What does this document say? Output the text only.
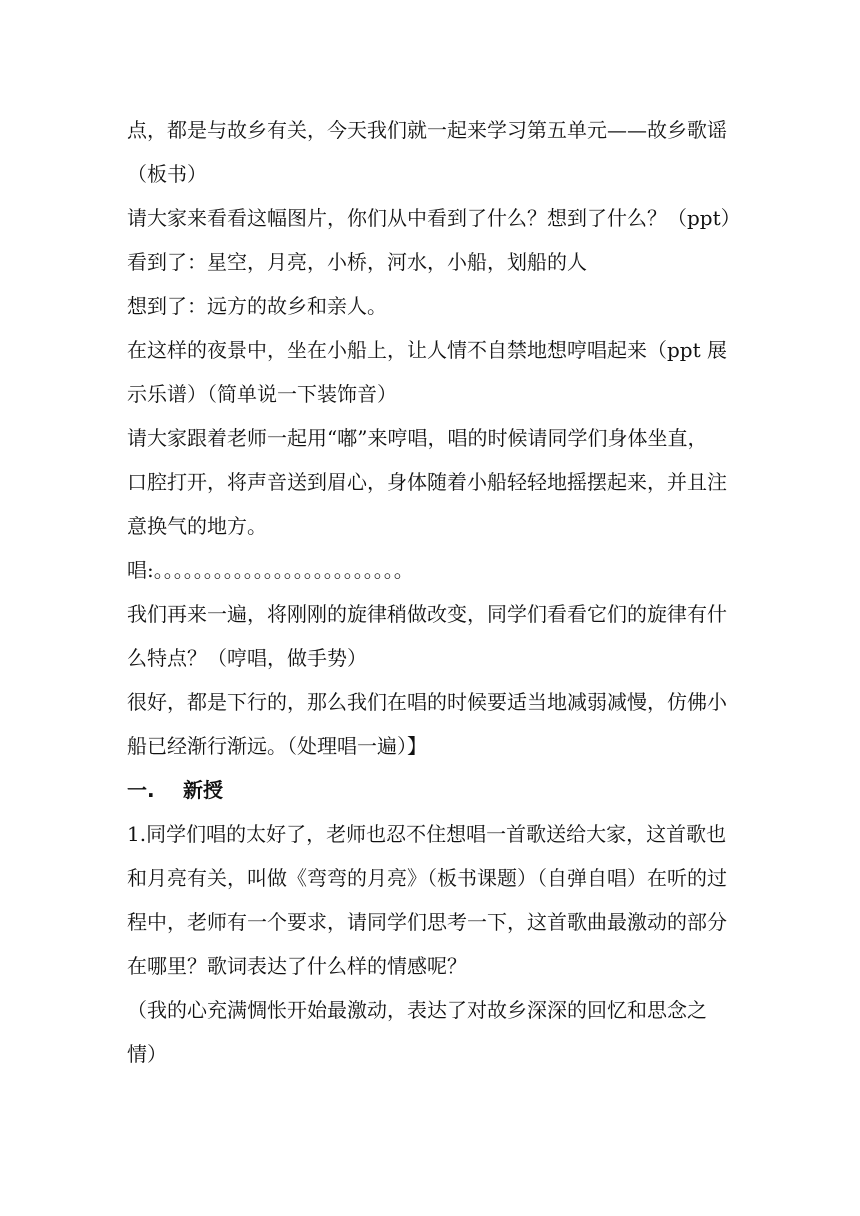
点，都是与故乡有关，今天我们就一起来学习第五单元——故乡歌谣
（板书）
请大家来看看这幅图片，你们从中看到了什么？想到了什么？（ppt）
看到了：星空，月亮，小桥，河水，小船，划船的人
想到了：远方的故乡和亲人。
在这样的夜景中，坐在小船上，让人情不自禁地想哼唱起来（ppt 展
示乐谱）（简单说一下装饰音）
请大家跟着老师一起用“嘟”来哼唱，唱的时候请同学们身体坐直，
口腔打开，将声音送到眉心，身体随着小船轻轻地摇摆起来，并且注
意换气的地方。
唱:。。。。。。。。。。。。。。。。。。。。。。。。。
我们再来一遍，将刚刚的旋律稍做改变，同学们看看它们的旋律有什
么特点？（哼唱，做手势）
很好，都是下行的，那么我们在唱的时候要适当地减弱减慢，仿佛小
船已经渐行渐远。（处理唱一遍）】
一. 新授
1.同学们唱的太好了，老师也忍不住想唱一首歌送给大家，这首歌也
和月亮有关，叫做《弯弯的月亮》（板书课题）（自弹自唱）在听的过
程中，老师有一个要求，请同学们思考一下，这首歌曲最激动的部分
在哪里？歌词表达了什么样的情感呢？
（我的心充满惆怅开始最激动，表达了对故乡深深的回忆和思念之
情）
